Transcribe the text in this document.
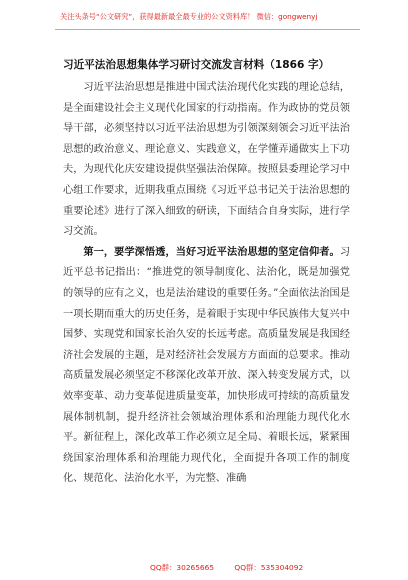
关注头条号“公文研究”，获得最新最全最专业的公文资料库！ 微信：gongwenyj
习近平法治思想集体学习研讨交流发言材料（1866 字）

习近平法治思想是推进中国式法治现代化实践的理论总结，是全面建设社会主义现代化国家的行动指南。作为政协的党员领导干部，必须坚持以习近平法治思想为引领深刻领会习近平法治思想的政治意义、理论意义、实践意义，在学懂弄通做实上下功夫，为现代化庆安建设提供坚强法治保障。按照县委理论学习中心组工作要求，近期我重点围绕《习近平总书记关于法治思想的重要论述》进行了深入细致的研读，下面结合自身实际，进行学习交流。

第一，要学深悟透，当好习近平法治思想的坚定信仰者。习近平总书记指出：“推进党的领导制度化、法治化，既是加强党的领导的应有之义，也是法治建设的重要任务。”全面依法治国是一项长期而重大的历史任务，是着眼于实现中华民族伟大复兴中国梦、实现党和国家长治久安的长远考虑。高质量发展是我国经济社会发展的主题，是对经济社会发展方方面面的总要求。推动高质量发展必须坚定不移深化改革开放、深入转变发展方式，以效率变革、动力变革促进质量变革，加快形成可持续的高质量发展体制机制，提升经济社会领域治理体系和治理能力现代化水平。新征程上，深化改革工作必须立足全局、着眼长远，紧紧围绕国家治理体系和治理能力现代化，全面提升各项工作的制度化、规范化、法治化水平，为完整、准确

QQ群：30265665	QQ群：535304092
